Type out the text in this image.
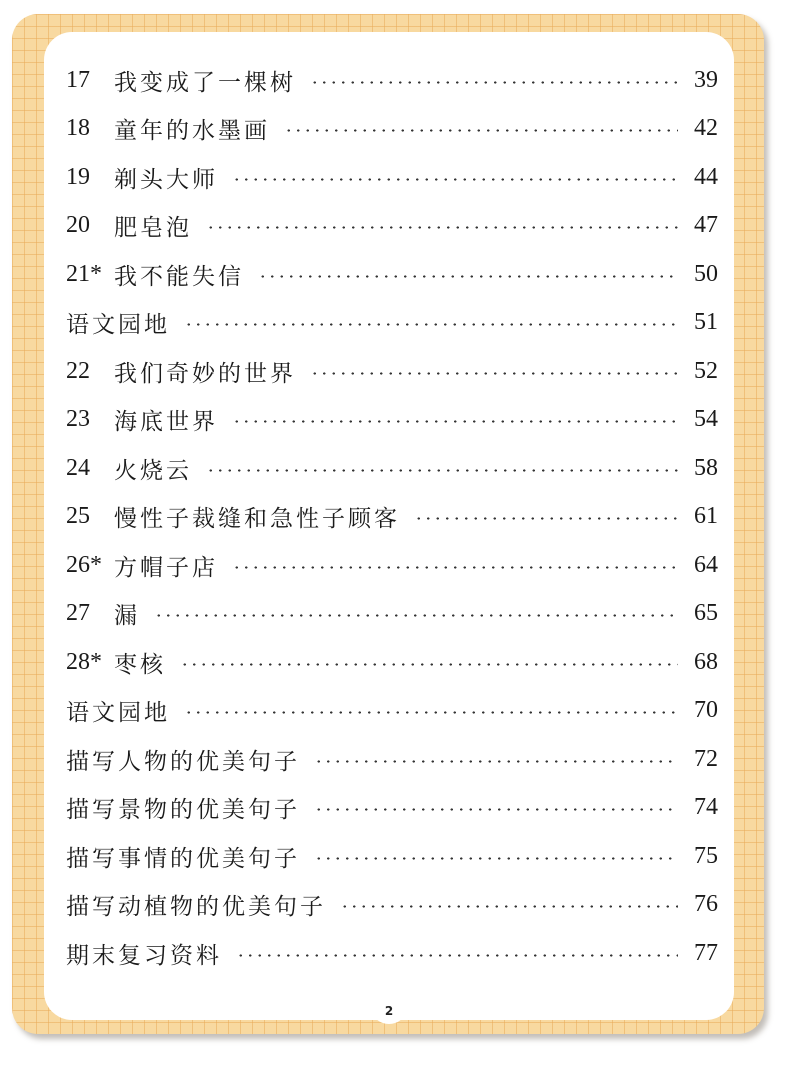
17	我变成了一棵树	39
18	童年的水墨画	42
19	剃头大师	44
20	肥皂泡	47
21* 我不能失信	50
语文园地	51
22	我们奇妙的世界	52
23	海底世界	54
24	火烧云	58
25	慢性子裁缝和急性子顾客	61
26* 方帽子店	64
27	漏	65
28* 枣核	68
语文园地	70
描写人物的优美句子	72
描写景物的优美句子	74
描写事情的优美句子	75
描写动植物的优美句子	76
期末复习资料	77
2
